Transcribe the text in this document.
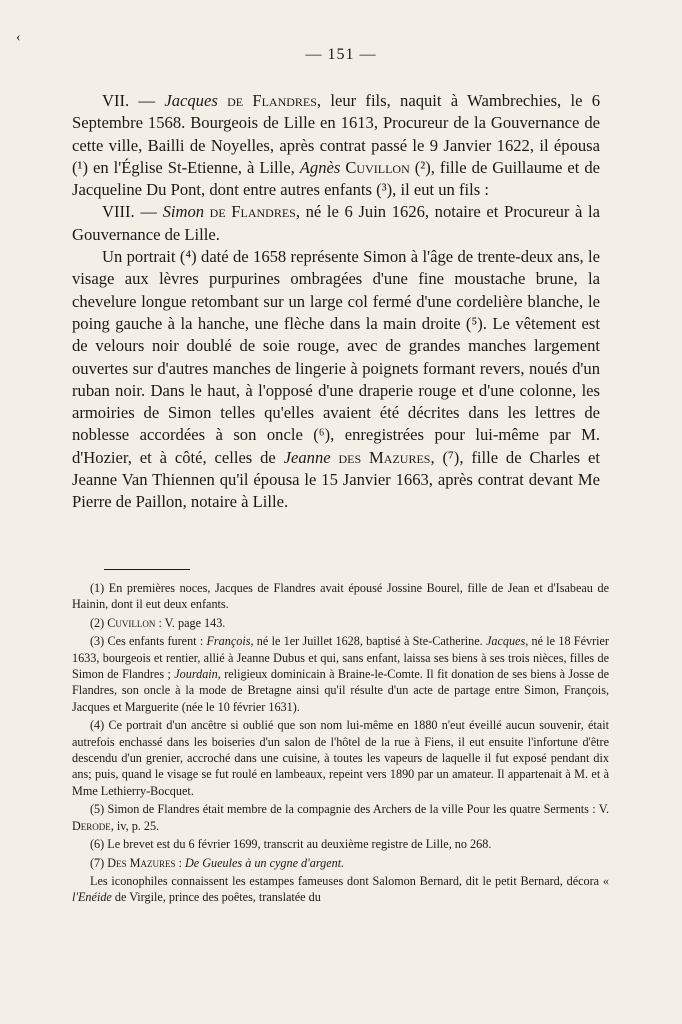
‹
— 151 —

VII. — Jacques de Flandres, leur fils, naquit à Wambrechies, le 6 Septembre 1568. Bourgeois de Lille en 1613, Procureur de la Gouvernance de cette ville, Bailli de Noyelles, après contrat passé le 9 Janvier 1622, il épousa (¹) en l'Église St-Etienne, à Lille, Agnès Cuvillon (²), fille de Guillaume et de Jacqueline Du Pont, dont entre autres enfants (³), il eut un fils :

VIII. — Simon de Flandres, né le 6 Juin 1626, notaire et Procureur à la Gouvernance de Lille.

Un portrait (⁴) daté de 1658 représente Simon à l'âge de trente-deux ans, le visage aux lèvres purpurines ombragées d'une fine moustache brune, la chevelure longue retombant sur un large col fermé d'une cordelière blanche, le poing gauche à la hanche, une flèche dans la main droite (⁵). Le vêtement est de velours noir doublé de soie rouge, avec de grandes manches largement ouvertes sur d'autres manches de lingerie à poignets formant revers, noués d'un ruban noir. Dans le haut, à l'opposé d'une draperie rouge et d'une colonne, les armoiries de Simon telles qu'elles avaient été décrites dans les lettres de noblesse accordées à son oncle (⁶), enregistrées pour lui-même par M. d'Hozier, et à côté, celles de Jeanne des Mazures, (⁷), fille de Charles et Jeanne Van Thiennen qu'il épousa le 15 Janvier 1663, après contrat devant Me Pierre de Paillon, notaire à Lille.

(1) En premières noces, Jacques de Flandres avait épousé Jossine Bourel, fille de Jean et d'Isabeau de Hainin, dont il eut deux enfants.

(2) Cuvillon : V. page 143.

(3) Ces enfants furent : François, né le 1er Juillet 1628, baptisé à Ste-Catherine. Jacques, né le 18 Février 1633, bourgeois et rentier, allié à Jeanne Dubus et qui, sans enfant, laissa ses biens à ses trois nièces, filles de Simon de Flandres ; Jourdain, religieux dominicain à Braine-le-Comte. Il fit donation de ses biens à Josse de Flandres, son oncle à la mode de Bretagne ainsi qu'il résulte d'un acte de partage entre Simon, François, Jacques et Marguerite (née le 10 février 1631).

(4) Ce portrait d'un ancêtre si oublié que son nom lui-même en 1880 n'eut éveillé aucun souvenir, était autrefois enchassé dans les boiseries d'un salon de l'hôtel de la rue à Fiens, il eut ensuite l'infortune d'être descendu d'un grenier, accroché dans une cuisine, à toutes les vapeurs de laquelle il fut exposé pendant dix ans; puis, quand le visage se fut roulé en lambeaux, repeint vers 1890 par un amateur. Il appartenait à M. et à Mme Lethierry-Bocquet.

(5) Simon de Flandres était membre de la compagnie des Archers de la ville Pour les quatre Serments : V. Derode, iv, p. 25.

(6) Le brevet est du 6 février 1699, transcrit au deuxième registre de Lille, no 268.

(7) Des Mazures : De Gueules à un cygne d'argent.

Les iconophiles connaissent les estampes fameuses dont Salomon Bernard, dit le petit Bernard, décora « l'Enéide de Virgile, prince des poêtes, translatée du
